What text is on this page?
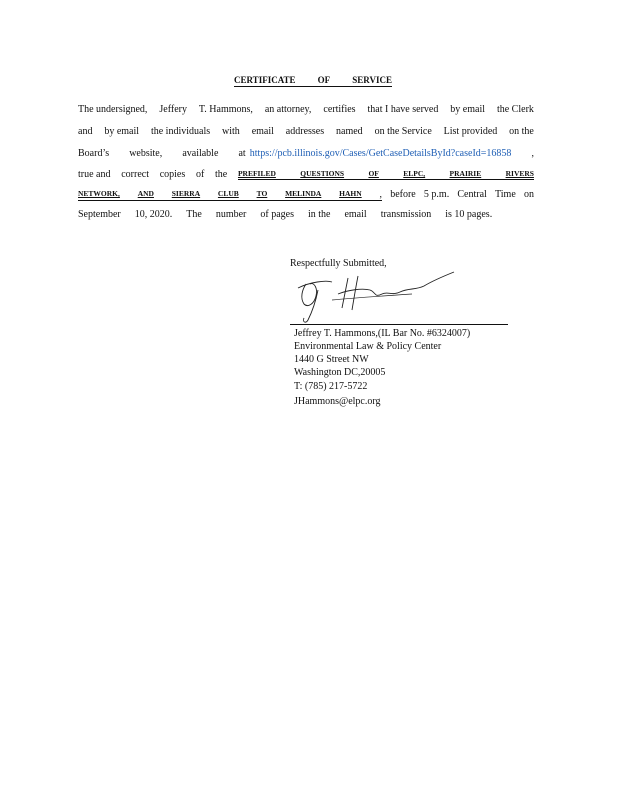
CERTIFICATE OF SERVICE
The undersigned, Jeffery T. Hammons, an attorney, certifies that I have served by email the Clerk
and by email the individuals with email addresses named on the Service List provided on the
Board’s website, available at https://pcb.illinois.gov/Cases/GetCaseDetailsById?caseId=16858 ,
true and correct copies of the PREFILED	QUESTIONS	OF	ELPC,	PRAIRIE	RIVERS
NETWORK, AND SIERRA CLUB TO MELINDA HAHN , before 5 p.m. Central Time on
September 10, 2020. The number of pages in the email transmission is 10 pages.
Respectfully Submitted,
Jeffrey T. Hammons,(IL Bar No. #6324007)
Environmental Law & Policy Center
1440 G Street NW
Washington DC,20005
T: (785) 217-5722
JHammons@elpc.org
